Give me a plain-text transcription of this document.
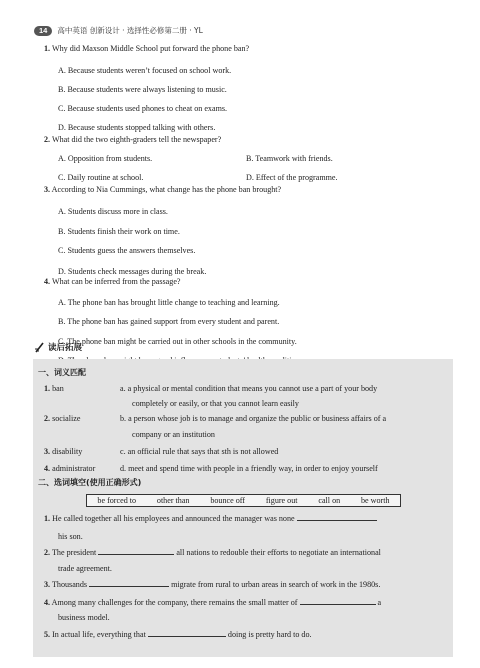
14	高中英语 创新设计 · 选择性必修第二册 · YL
1. Why did Maxson Middle School put forward the phone ban?
A. Because students weren’t focused on school work.
B. Because students were always listening to music.
C. Because students used phones to cheat on exams.
D. Because students stopped talking with others.
2. What did the two eighth-graders tell the newspaper?
A. Opposition from students.	B. Teamwork with friends.
C. Daily routine at school.	D. Effect of the programme.
3. According to Nia Cummings, what change has the phone ban brought?
A. Students discuss more in class.
B. Students finish their work on time.
C. Students guess the answers themselves.
D. Students check messages during the break.
4. What can be inferred from the passage?
A. The phone ban has brought little change to teaching and learning.
B. The phone ban has gained support from every student and parent.
C. The phone ban might be carried out in other schools in the community.
读后拓展
一、词义匹配
1. ban	a. a physical or mental condition that means you cannot use a part of your body
completely or easily, or that you cannot learn easily
2. socialize	b. a person whose job is to manage and organize the public or business affairs of a
company or an institution
3. disability	c. an official rule that says that sth is not allowed
4. administrator	d. meet and spend time with people in a friendly way, in order to enjoy yourself
二、选词填空(使用正确形式)
be forced to	other than	bounce off	figure out	call on	be worth
1. He called together all his employees and announced the manager was none
his son.
2. The president	all nations to redouble their efforts to negotiate an international
trade agreement.
3. Thousands	migrate from rural to urban areas in search of work in the 1980s.
4. Among many challenges for the company, there remains the small matter of	a
business model.
5. In actual life, everything that	doing is pretty hard to do.
